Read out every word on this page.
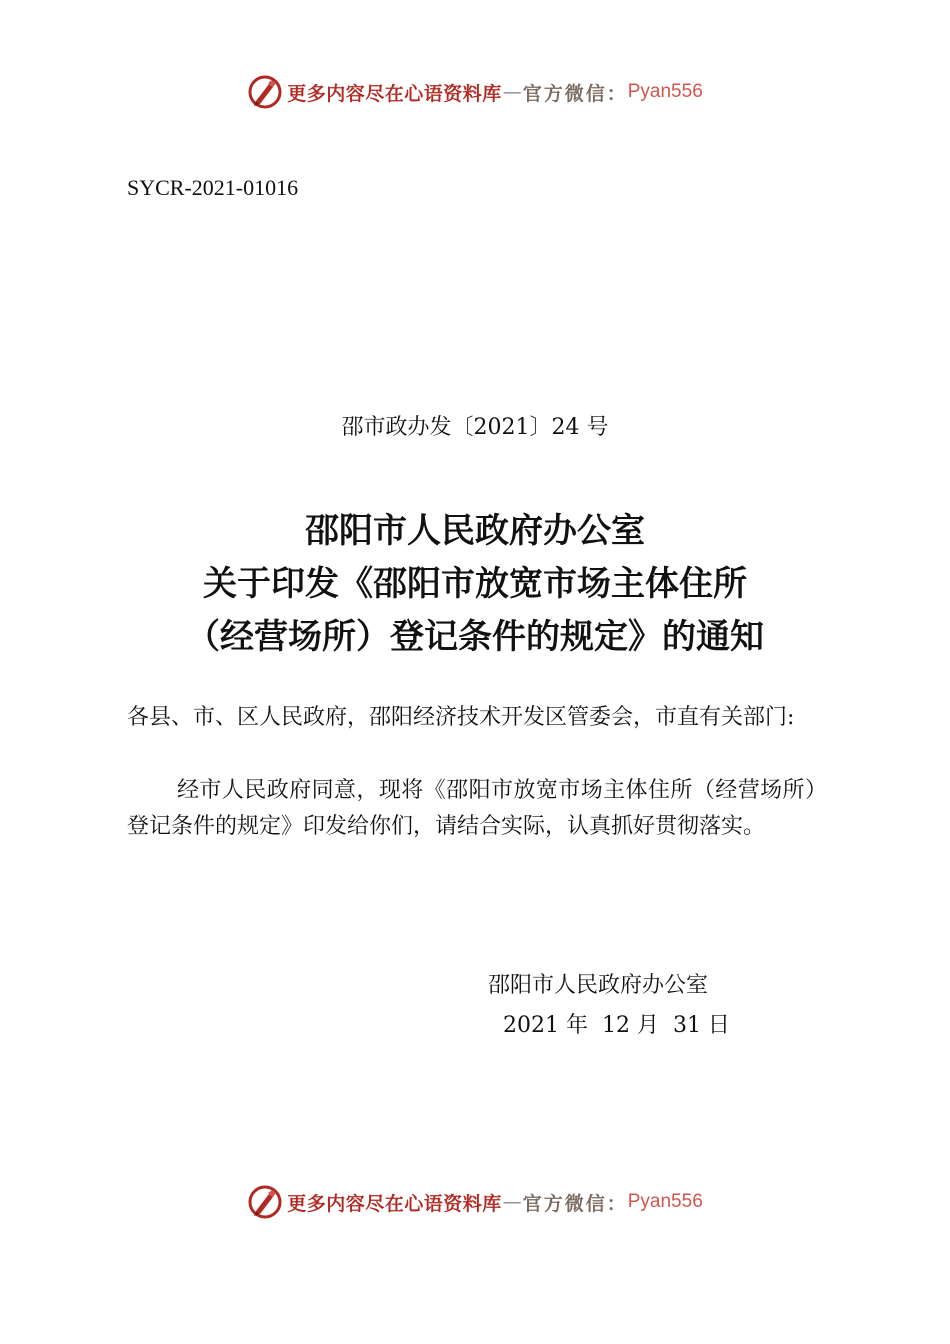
更多内容尽在心语资料库 — 官方微信： Pyan556
SYCR-2021-01016
邵市政办发〔2021〕24 号
邵阳市人民政府办公室
关于印发《邵阳市放宽市场主体住所
（经营场所）登记条件的规定》的通知
各县、市、区人民政府，邵阳经济技术开发区管委会，市直有关部门:
经市人民政府同意，现将《邵阳市放宽市场主体住所（经营场所）登记条件的规定》印发给你们，请结合实际，认真抓好贯彻落实。
邵阳市人民政府办公室
2021 年  12 月  31 日
更多内容尽在心语资料库 — 官方微信： Pyan556
